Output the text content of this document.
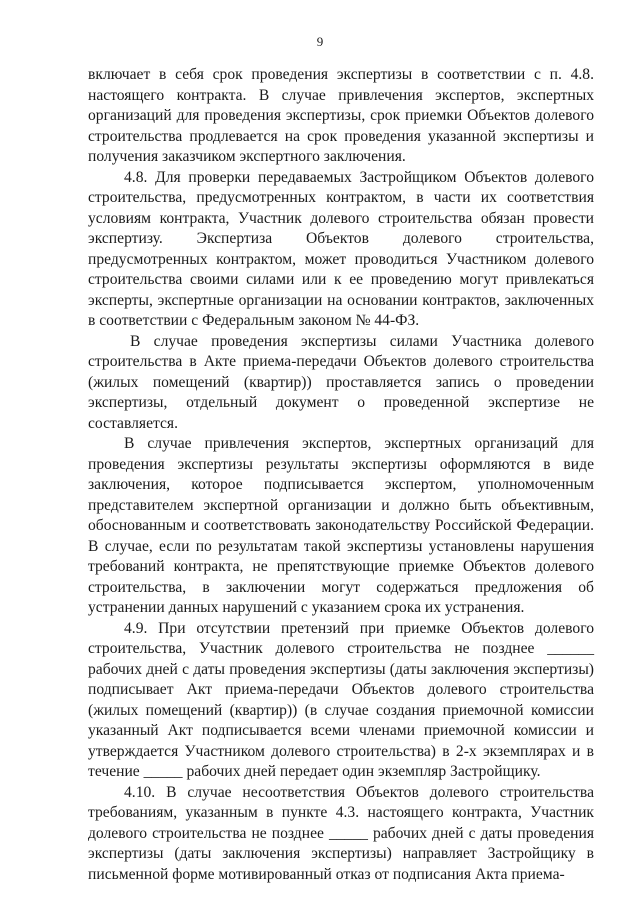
9

включает в себя срок проведения экспертизы в соответствии с п. 4.8. настоящего контракта. В случае привлечения экспертов, экспертных организаций для проведения экспертизы, срок приемки Объектов долевого строительства продлевается на срок проведения указанной экспертизы и получения заказчиком экспертного заключения.

4.8. Для проверки передаваемых Застройщиком Объектов долевого строительства, предусмотренных контрактом, в части их соответствия условиям контракта, Участник долевого строительства обязан провести экспертизу. Экспертиза Объектов долевого строительства, предусмотренных контрактом, может проводиться Участником долевого строительства своими силами или к ее проведению могут привлекаться эксперты, экспертные организации на основании контрактов, заключенных в соответствии с Федеральным законом № 44-ФЗ.

В случае проведения экспертизы силами Участника долевого строительства в Акте приема-передачи Объектов долевого строительства (жилых помещений (квартир)) проставляется запись о проведении экспертизы, отдельный документ о проведенной экспертизе не составляется.

В случае привлечения экспертов, экспертных организаций для проведения экспертизы результаты экспертизы оформляются в виде заключения, которое подписывается экспертом, уполномоченным представителем экспертной организации и должно быть объективным, обоснованным и соответствовать законодательству Российской Федерации. В случае, если по результатам такой экспертизы установлены нарушения требований контракта, не препятствующие приемке Объектов долевого строительства, в заключении могут содержаться предложения об устранении данных нарушений с указанием срока их устранения.

4.9. При отсутствии претензий при приемке Объектов долевого строительства, Участник долевого строительства не позднее ______ рабочих дней с даты проведения экспертизы (даты заключения экспертизы) подписывает Акт приема-передачи Объектов долевого строительства (жилых помещений (квартир)) (в случае создания приемочной комиссии указанный Акт подписывается всеми членами приемочной комиссии и утверждается Участником долевого строительства) в 2-х экземплярах и в течение _____ рабочих дней передает один экземпляр Застройщику.

4.10. В случае несоответствия Объектов долевого строительства требованиям, указанным в пункте 4.3. настоящего контракта, Участник долевого строительства не позднее _____ рабочих дней с даты проведения экспертизы (даты заключения экспертизы) направляет Застройщику в письменной форме мотивированный отказ от подписания Акта приема-
